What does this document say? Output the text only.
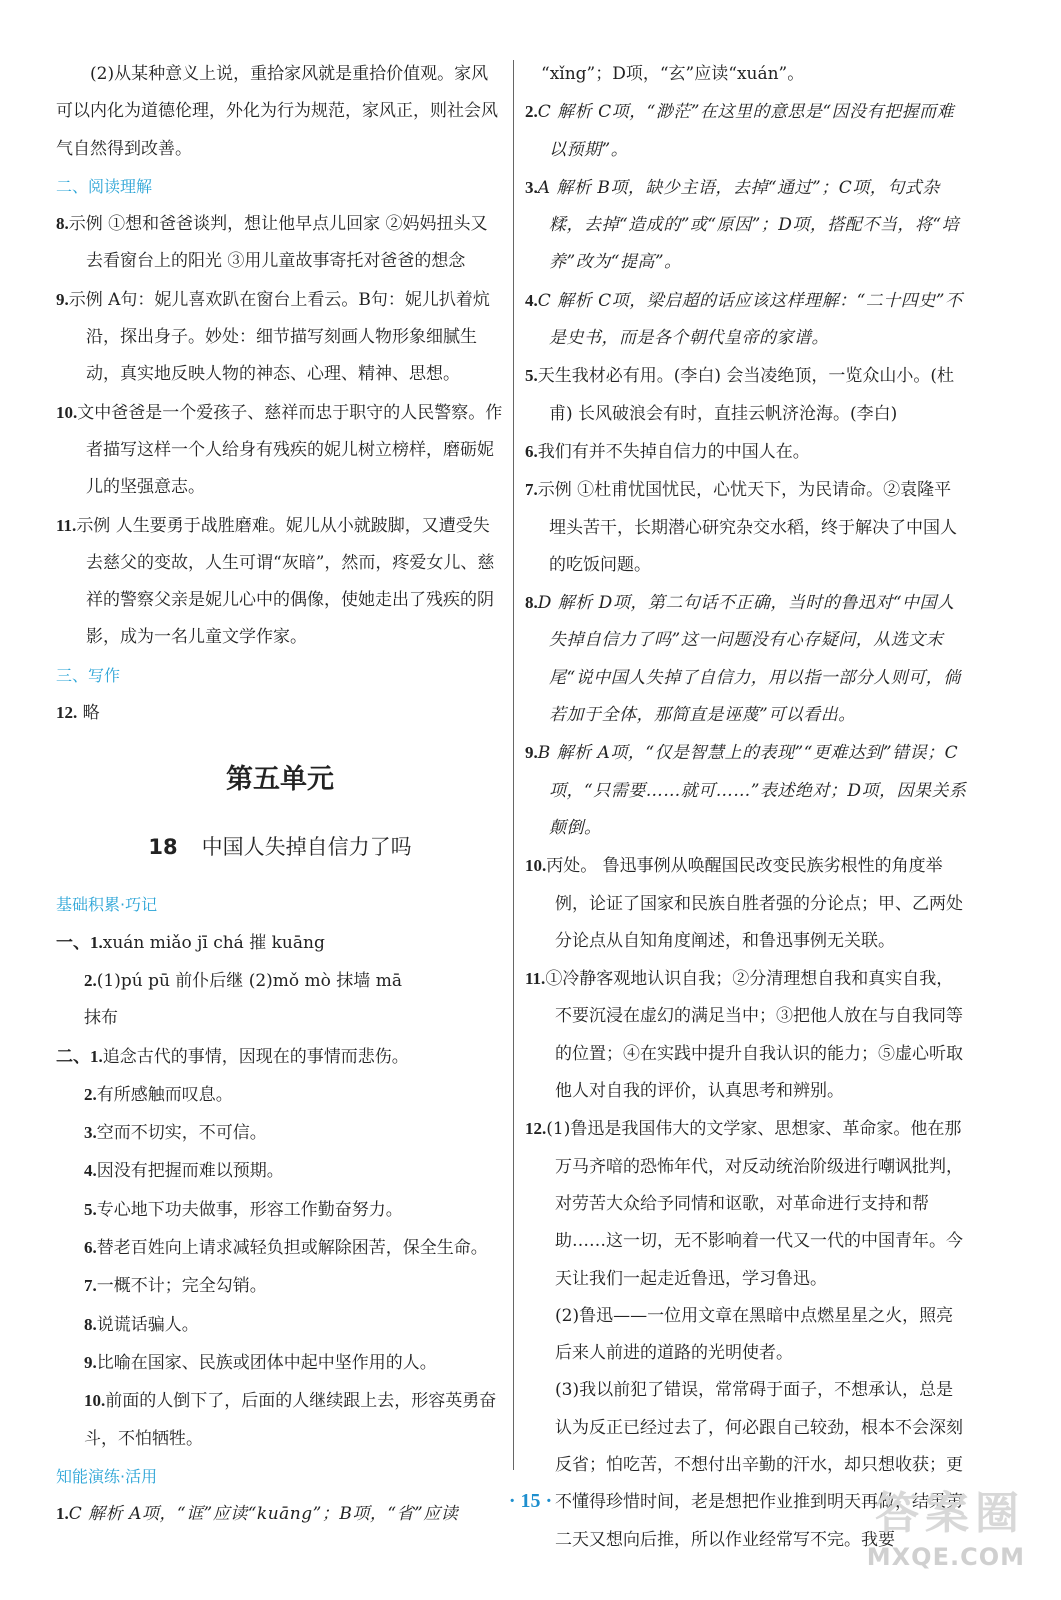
(2)从某种意义上说，重拾家风就是重拾价值观。家风可以内化为道德伦理，外化为行为规范，家风正，则社会风气自然得到改善。

二、阅读理解

8.示例 ①想和爸爸谈判，想让他早点儿回家 ②妈妈扭头又去看窗台上的阳光 ③用儿童故事寄托对爸爸的想念

9.示例 A句：妮儿喜欢趴在窗台上看云。B句：妮儿扒着炕沿，探出身子。妙处：细节描写刻画人物形象细腻生动，真实地反映人物的神态、心理、精神、思想。

10.文中爸爸是一个爱孩子、慈祥而忠于职守的人民警察。作者描写这样一个人给身有残疾的妮儿树立榜样，磨砺妮儿的坚强意志。

11.示例 人生要勇于战胜磨难。妮儿从小就跛脚，又遭受失去慈父的变故，人生可谓“灰暗”，然而，疼爱女儿、慈祥的警察父亲是妮儿心中的偶像，使她走出了残疾的阴影，成为一名儿童文学作家。

三、写作

12. 略

第五单元
18 中国人失掉自信力了吗

基础积累·巧记

一、1.xuán miǎo jī chá 摧 kuāng

2.(1)pú pū 前仆后继 (2)mǒ mò 抹墙 mā

抹布

二、1.追念古代的事情，因现在的事情而悲伤。

2.有所感触而叹息。

3.空而不切实，不可信。

4.因没有把握而难以预期。

5.专心地下功夫做事，形容工作勤奋努力。

6.替老百姓向上请求减轻负担或解除困苦，保全生命。

7.一概不计；完全勾销。

8.说谎话骗人。

9.比喻在国家、民族或团体中起中坚作用的人。

10.前面的人倒下了，后面的人继续跟上去，形容英勇奋斗，不怕牺牲。

知能演练·活用

1.C 解析 A项，“诓”应读“kuāng”；B项，“省”应读

“xǐng”；D项，“玄”应读“xuán”。

2.C 解析 C项，“渺茫”在这里的意思是“因没有把握而难以预期”。

3.A 解析 B项，缺少主语，去掉“通过”；C项，句式杂糅，去掉“造成的”或“原因”；D项，搭配不当，将“培养”改为“提高”。

4.C 解析 C项，梁启超的话应该这样理解：“二十四史”不是史书，而是各个朝代皇帝的家谱。

5.天生我材必有用。(李白) 会当凌绝顶，一览众山小。(杜甫) 长风破浪会有时，直挂云帆济沧海。(李白)

6.我们有并不失掉自信力的中国人在。

7.示例 ①杜甫忧国忧民，心忧天下，为民请命。②袁隆平埋头苦干，长期潜心研究杂交水稻，终于解决了中国人的吃饭问题。

8.D 解析 D项，第二句话不正确，当时的鲁迅对“中国人失掉自信力了吗”这一问题没有心存疑问，从选文末尾“说中国人失掉了自信力，用以指一部分人则可，倘若加于全体，那简直是诬蔑”可以看出。

9.B 解析 A项，“仅是智慧上的表现”“更难达到”错误；C项，“只需要……就可……”表述绝对；D项，因果关系颠倒。

10.丙处。 鲁迅事例从唤醒国民改变民族劣根性的角度举例，论证了国家和民族自胜者强的分论点；甲、乙两处分论点从自知角度阐述，和鲁迅事例无关联。

11.①冷静客观地认识自我；②分清理想自我和真实自我，不要沉浸在虚幻的满足当中；③把他人放在与自我同等的位置；④在实践中提升自我认识的能力；⑤虚心听取他人对自我的评价，认真思考和辨别。

12.(1)鲁迅是我国伟大的文学家、思想家、革命家。他在那万马齐喑的恐怖年代，对反动统治阶级进行嘲讽批判，对劳苦大众给予同情和讴歌，对革命进行支持和帮助……这一切，无不影响着一代又一代的中国青年。今天让我们一起走近鲁迅，学习鲁迅。

(2)鲁迅——一位用文章在黑暗中点燃星星之火，照亮后来人前进的道路的光明使者。

(3)我以前犯了错误，常常碍于面子，不想承认，总是认为反正已经过去了，何必跟自己较劲，根本不会深刻反省；怕吃苦，不想付出辛勤的汗水，却只想收获；更不懂得珍惜时间，老是想把作业推到明天再做，结果第二天又想向后推，所以作业经常写不完。我要

· 15 ·	答案圈
MXQE.COM
